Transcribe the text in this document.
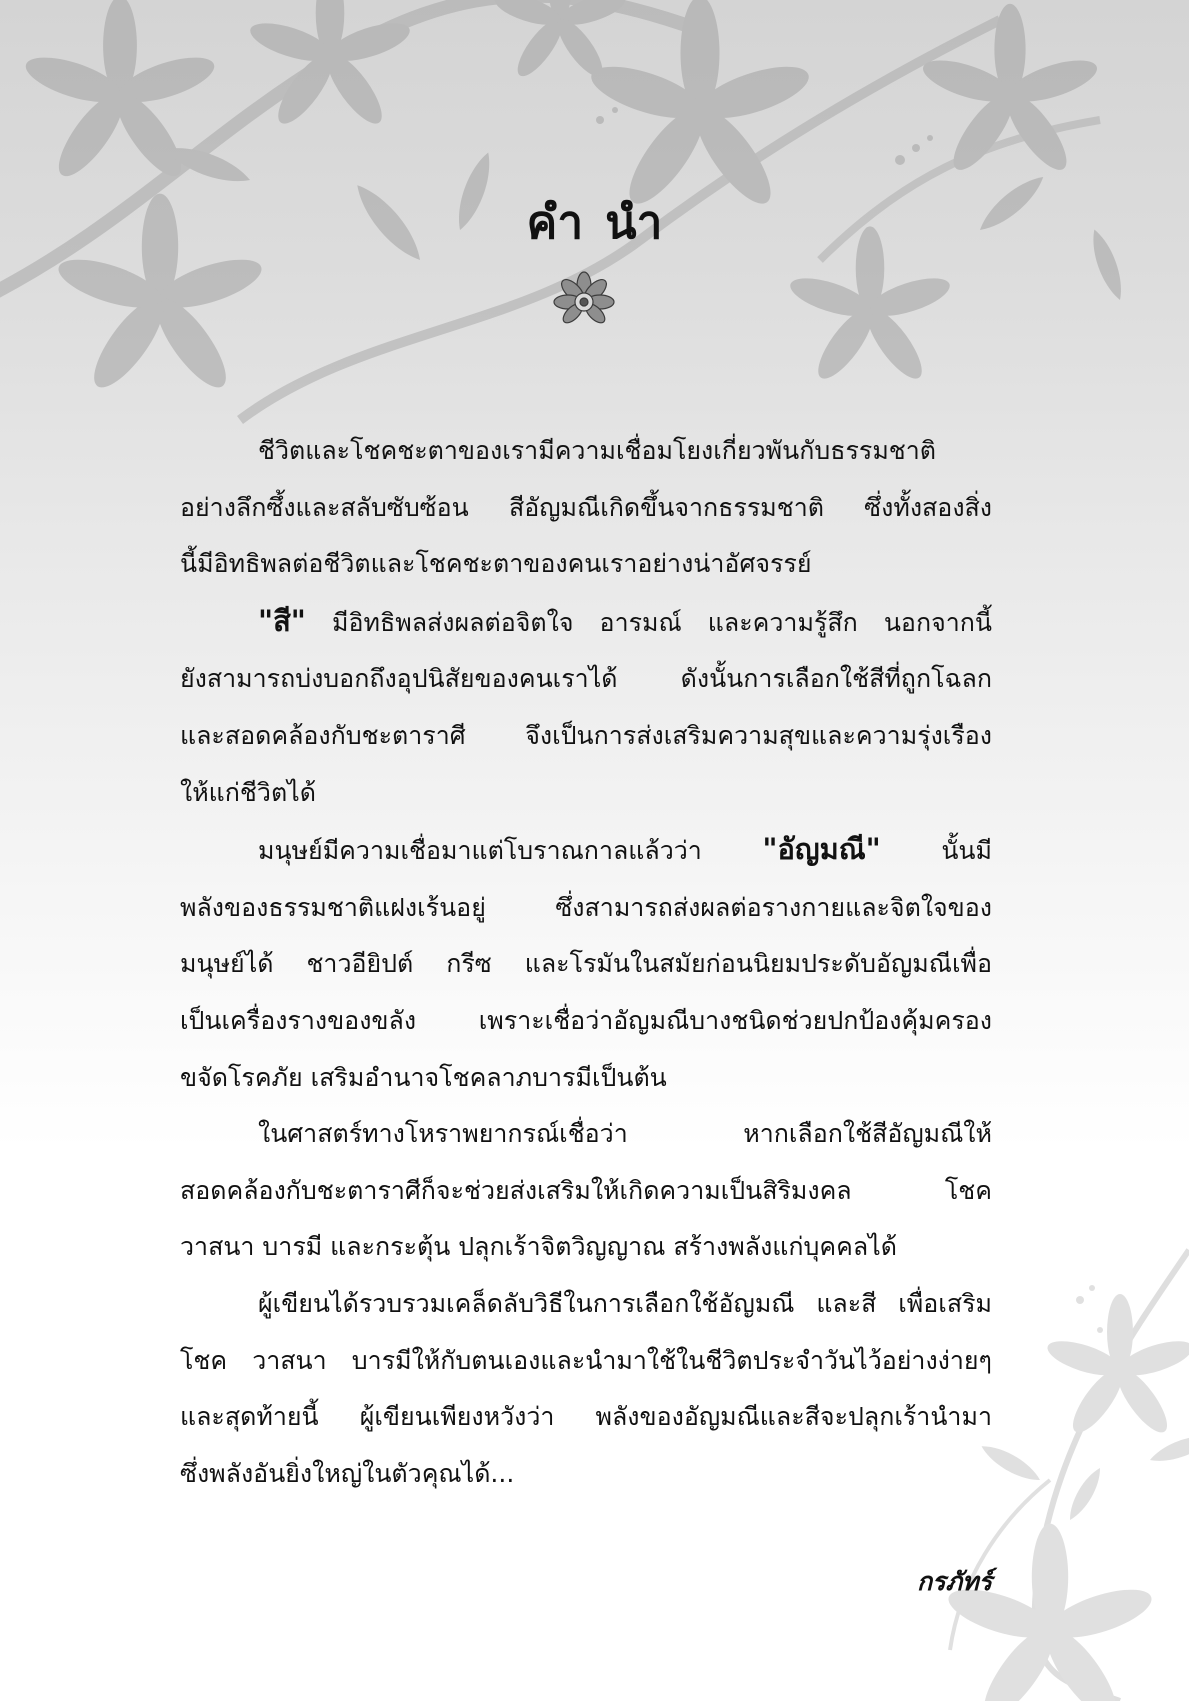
คำนำ
ชีวิตและโชคชะตาของเรามีความเชื่อมโยงเกี่ยวพันกับธรรมชาติ
อย่างลึกซึ้งและสลับซับซ้อน สีอัญมณีเกิดขึ้นจากธรรมชาติ ซึ่งทั้งสองสิ่ง
นี้มีอิทธิพลต่อชีวิตและโชคชะตาของคนเราอย่างน่าอัศจรรย์
"สี" มีอิทธิพลส่งผลต่อจิตใจ อารมณ์ และความรู้สึก นอกจากนี้
ยังสามารถบ่งบอกถึงอุปนิสัยของคนเราได้ ดังนั้นการเลือกใช้สีที่ถูกโฉลก
และสอดคล้องกับชะตาราศี จึงเป็นการส่งเสริมความสุขและความรุ่งเรือง
ให้แก่ชีวิตได้
มนุษย์มีความเชื่อมาแต่โบราณกาลแล้วว่า "อัญมณี" นั้นมี
พลังของธรรมชาติแฝงเร้นอยู่ ซึ่งสามารถส่งผลต่อรางกายและจิตใจของ
มนุษย์ได้ ชาวอียิปต์ กรีซ และโรมันในสมัยก่อนนิยมประดับอัญมณีเพื่อ
เป็นเครื่องรางของขลัง เพราะเชื่อว่าอัญมณีบางชนิดช่วยปกป้องคุ้มครอง
ขจัดโรคภัย เสริมอำนาจโชคลาภบารมีเป็นต้น
ในศาสตร์ทางโหราพยากรณ์เชื่อว่า หากเลือกใช้สีอัญมณีให้
สอดคล้องกับชะตาราศีก็จะช่วยส่งเสริมให้เกิดความเป็นสิริมงคล โชค
วาสนา บารมี และกระตุ้น ปลุกเร้าจิตวิญญาณ สร้างพลังแก่บุคคลได้
ผู้เขียนได้รวบรวมเคล็ดลับวิธีในการเลือกใช้อัญมณี และสี เพื่อเสริม
โชค วาสนา บารมีให้กับตนเองและนำมาใช้ในชีวิตประจำวันไว้อย่างง่ายๆ
และสุดท้ายนี้ ผู้เขียนเพียงหวังว่า พลังของอัญมณีและสีจะปลุกเร้านำมา
ซึ่งพลังอันยิ่งใหญ่ในตัวคุณได้...
กรภัทร์
